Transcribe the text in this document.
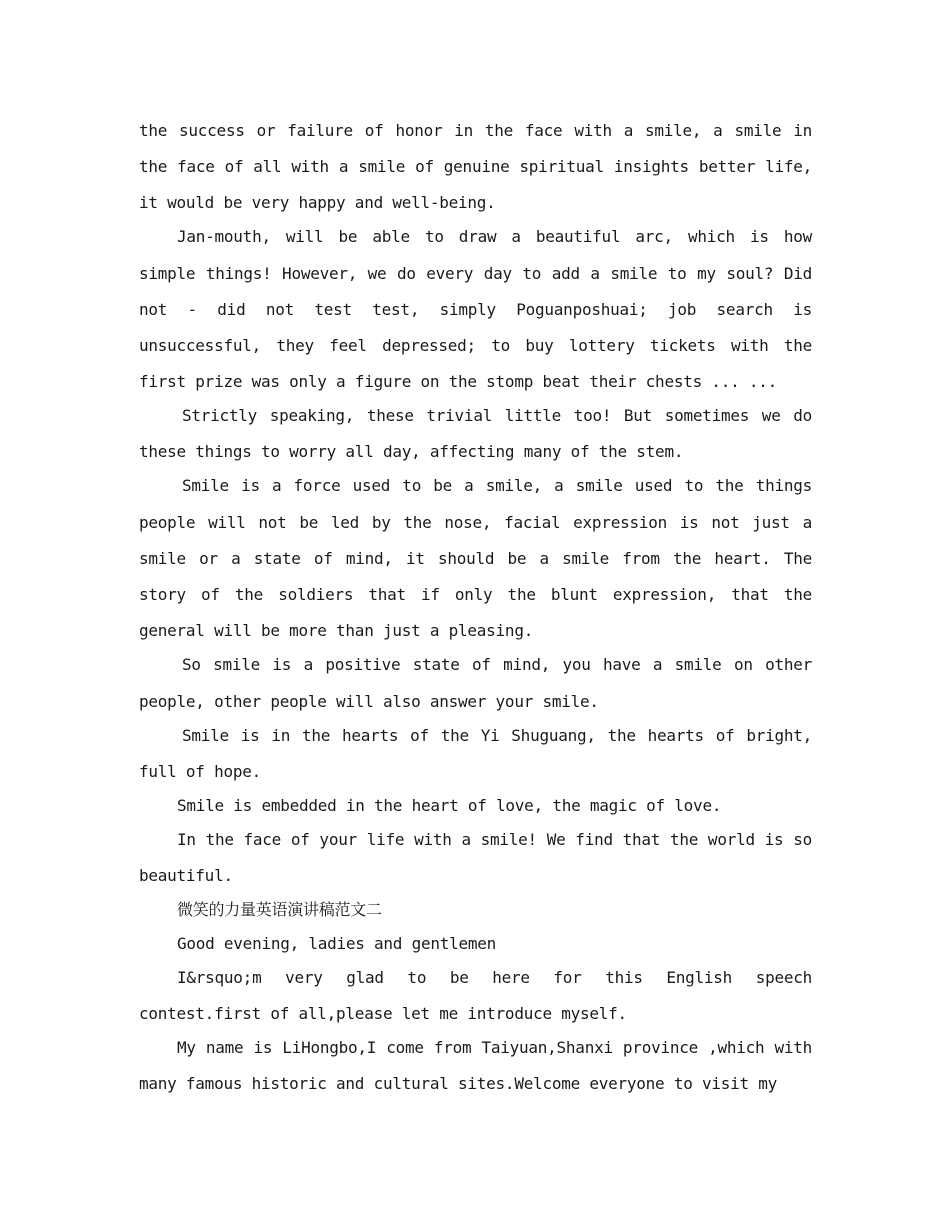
the success or failure of honor in the face with a smile, a smile in the face of all with a smile of genuine spiritual insights better life, it would be very happy and well-being.

Jan-mouth, will be able to draw a beautiful arc, which is how simple things! However, we do every day to add a smile to my soul? Did not - did not test test, simply Poguanposhuai; job search is unsuccessful, they feel depressed; to buy lottery tickets with the first prize was only a figure on the stomp beat their chests ... ...

Strictly speaking, these trivial little too! But sometimes we do these things to worry all day, affecting many of the stem.

Smile is a force used to be a smile, a smile used to the things people will not be led by the nose, facial expression is not just a smile or a state of mind, it should be a smile from the heart. The story of the soldiers that if only the blunt expression, that the general will be more than just a pleasing.

So smile is a positive state of mind, you have a smile on other people, other people will also answer your smile.

Smile is in the hearts of the Yi Shuguang, the hearts of bright, full of hope.

Smile is embedded in the heart of love, the magic of love.

In the face of your life with a smile! We find that the world is so beautiful.

微笑的力量英语演讲稿范文二

Good evening, ladies and gentlemen

I&rsquo;m very glad to be here for this English speech contest.first of all,please let me introduce myself.

My name is LiHongbo,I come from Taiyuan,Shanxi province ,which with many famous historic and cultural sites.Welcome everyone to visit my
